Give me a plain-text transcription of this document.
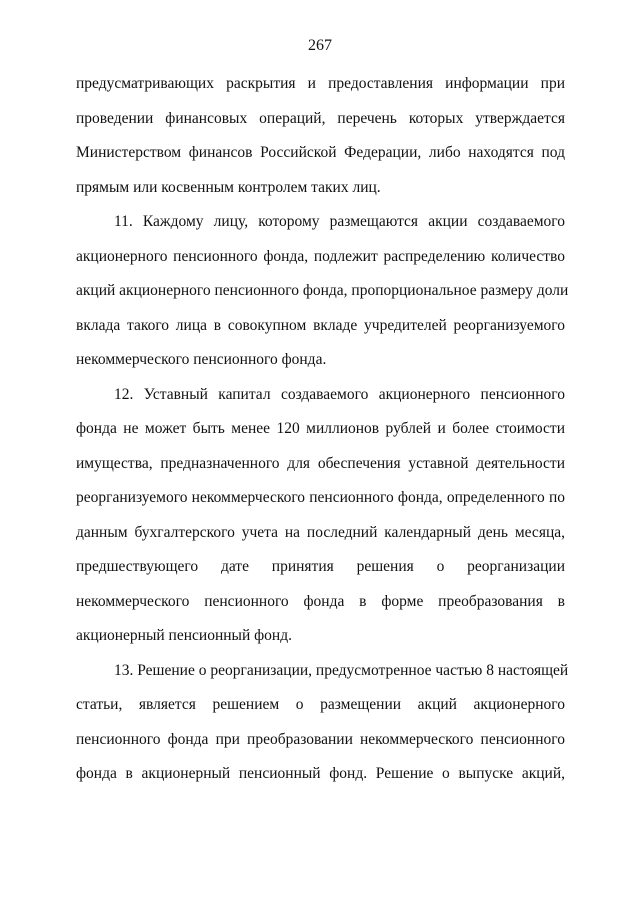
267
предусматривающих раскрытия и предоставления информации при
проведении финансовых операций, перечень которых утверждается
Министерством финансов Российской Федерации, либо находятся под
прямым или косвенным контролем таких лиц.
11. Каждому лицу, которому размещаются акции создаваемого
акционерного пенсионного фонда, подлежит распределению количество
акций акционерного пенсионного фонда, пропорциональное размеру доли
вклада такого лица в совокупном вкладе учредителей реорганизуемого
некоммерческого пенсионного фонда.
12. Уставный капитал создаваемого акционерного пенсионного
фонда не может быть менее 120 миллионов рублей и более стоимости
имущества, предназначенного для обеспечения уставной деятельности
реорганизуемого некоммерческого пенсионного фонда, определенного по
данным бухгалтерского учета на последний календарный день месяца,
предшествующего дате принятия решения о реорганизации
некоммерческого пенсионного фонда в форме преобразования в
акционерный пенсионный фонд.
13. Решение о реорганизации, предусмотренное частью 8 настоящей
статьи, является решением о размещении акций акционерного
пенсионного фонда при преобразовании некоммерческого пенсионного
фонда в акционерный пенсионный фонд. Решение о выпуске акций,
